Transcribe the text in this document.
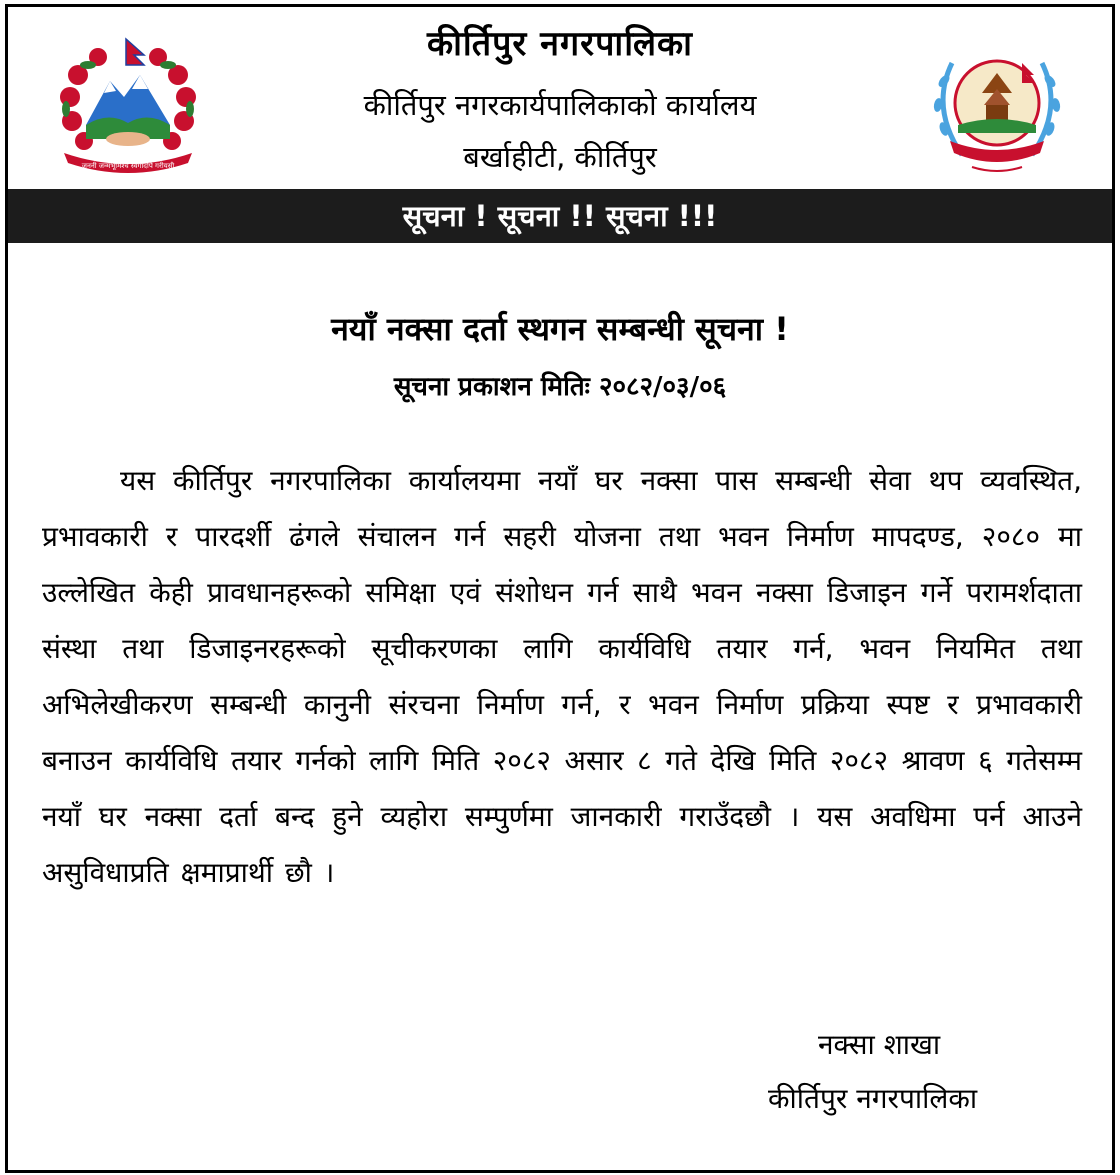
जननी जन्मभूमिश्च स्वर्गादपि गरीयसी
कीर्तिपुर नगरपालिका
कीर्तिपुर नगरकार्यपालिकाको कार्यालय
बर्खाहीटी, कीर्तिपुर
सूचना ! सूचना !! सूचना !!!
नयाँ नक्सा दर्ता स्थगन सम्बन्धी सूचना !
सूचना प्रकाशन मितिः २०८२/०३/०६
यस कीर्तिपुर नगरपालिका कार्यालयमा नयाँ घर नक्सा पास सम्बन्धी सेवा थप व्यवस्थित, प्रभावकारी र पारदर्शी ढंगले संचालन गर्न सहरी योजना तथा भवन निर्माण मापदण्ड, २०८० मा उल्लेखित केही प्रावधानहरूको समिक्षा एवं संशोधन गर्न साथै भवन नक्सा डिजाइन गर्ने परामर्शदाता संस्था तथा डिजाइनरहरूको सूचीकरणका लागि कार्यविधि तयार गर्न, भवन नियमित तथा अभिलेखीकरण सम्बन्धी कानुनी संरचना निर्माण गर्न, र भवन निर्माण प्रक्रिया स्पष्ट र प्रभावकारी बनाउन कार्यविधि तयार गर्नको लागि मिति २०८२ असार ८ गते देखि मिति २०८२ श्रावण ६ गतेसम्म नयाँ घर नक्सा दर्ता बन्द हुने व्यहोरा सम्पुर्णमा जानकारी गराउँदछौ । यस अवधिमा पर्न आउने असुविधाप्रति क्षमाप्रार्थी छौ ।
नक्सा शाखा
कीर्तिपुर नगरपालिका
